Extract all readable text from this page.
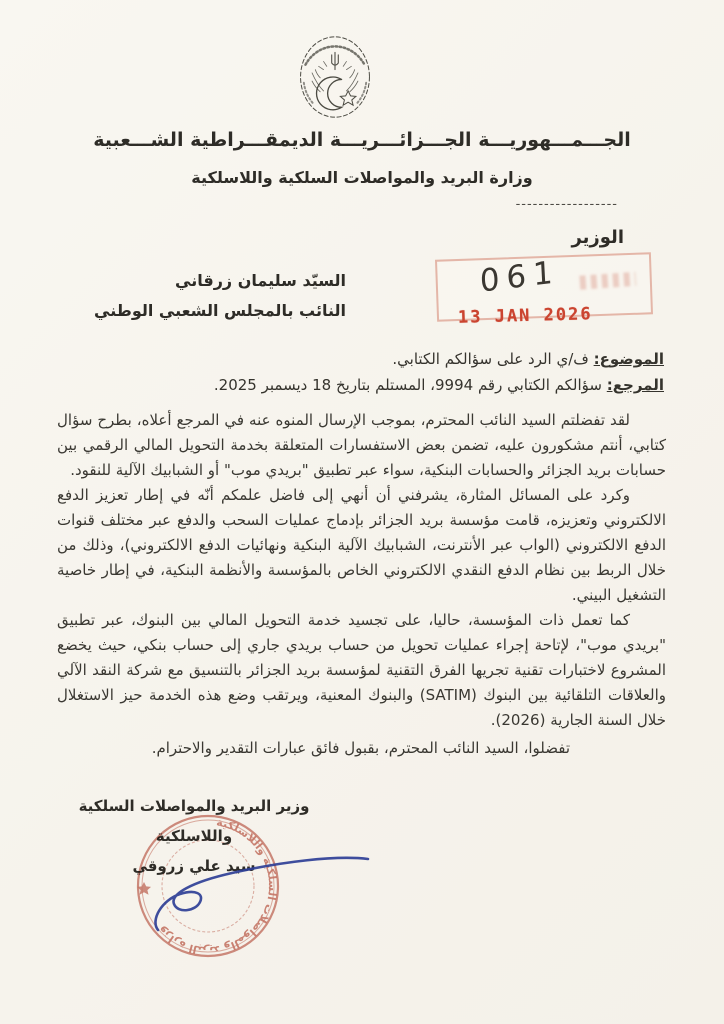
الجـــمـــهوريـــة الجـــزائـــريـــة الديمقـــراطية الشـــعبية
وزارة البريد والمواصلات السلكية واللاسلكية
------------------
الوزير
السيّد سليمان زرقاني
النائب بالمجلس الشعبي الوطني
061
13 JAN 2026
الموضوع: ف/ي الرد على سؤالكم الكتابي.
المرجع: سؤالكم الكتابي رقم 9994، المستلم بتاريخ 18 ديسمبر 2025.

لقد تفضلتم السيد النائب المحترم، بموجب الإرسال المنوه عنه في المرجع أعلاه، بطرح سؤال كتابي، أنتم مشكورون عليه، تضمن بعض الاستفسارات المتعلقة بخدمة التحويل المالي الرقمي بين حسابات بريد الجزائر والحسابات البنكية، سواء عبر تطبيق "بريدي موب" أو الشبابيك الآلية للنقود.

وكرد على المسائل المثارة، يشرفني أن أنهي إلى فاضل علمكم أنّه في إطار تعزيز الدفع الالكتروني وتعزيزه، قامت مؤسسة بريد الجزائر بإدماج عمليات السحب والدفع عبر مختلف قنوات الدفع الالكتروني (الواب عبر الأنترنت، الشبابيك الآلية البنكية ونهائيات الدفع الالكتروني)، وذلك من خلال الربط بين نظام الدفع النقدي الالكتروني الخاص بالمؤسسة والأنظمة البنكية، في إطار خاصية التشغيل البيني.

كما تعمل ذات المؤسسة، حاليا، على تجسيد خدمة التحويل المالي بين البنوك، عبر تطبيق "بريدي موب"، لإتاحة إجراء عمليات تحويل من حساب بريدي جاري إلى حساب بنكي، حيث يخضع المشروع لاختبارات تقنية تجريها الفرق التقنية لمؤسسة بريد الجزائر بالتنسيق مع شركة النقد الآلي والعلاقات التلقائية بين البنوك (SATIM) والبنوك المعنية، ويرتقب وضع هذه الخدمة حيز الاستغلال خلال السنة الجارية (2026).

تفضلوا، السيد النائب المحترم، بقبول فائق عبارات التقدير والاحترام.

وزير البريد والمواصلات السلكية واللاسلكية
سيد علي زروقي
وزارة البريد والمواصلات السلكية واللاسلكية
